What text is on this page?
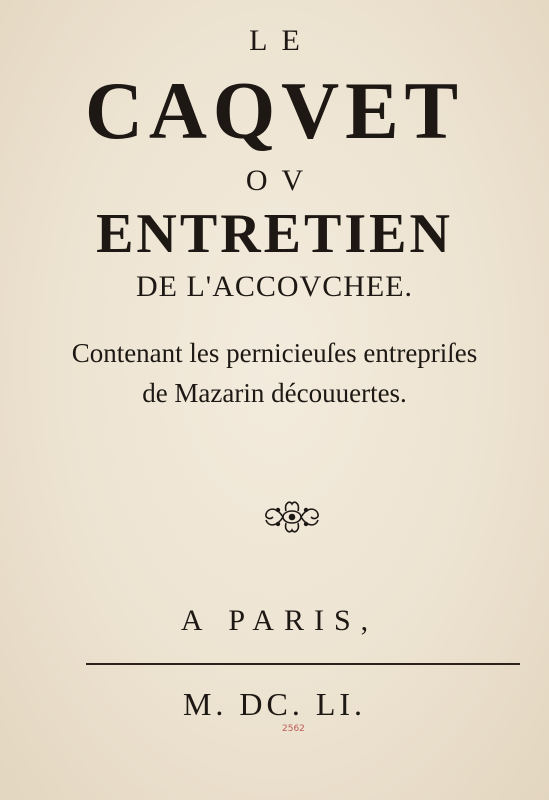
LE
CAQVET
OV
ENTRETIEN
DE L'ACCOVCHEE.
Contenant les pernicieuſes entrepriſes
de Mazarin découuertes.
A PARIS,
M. DC. LI.
2562
